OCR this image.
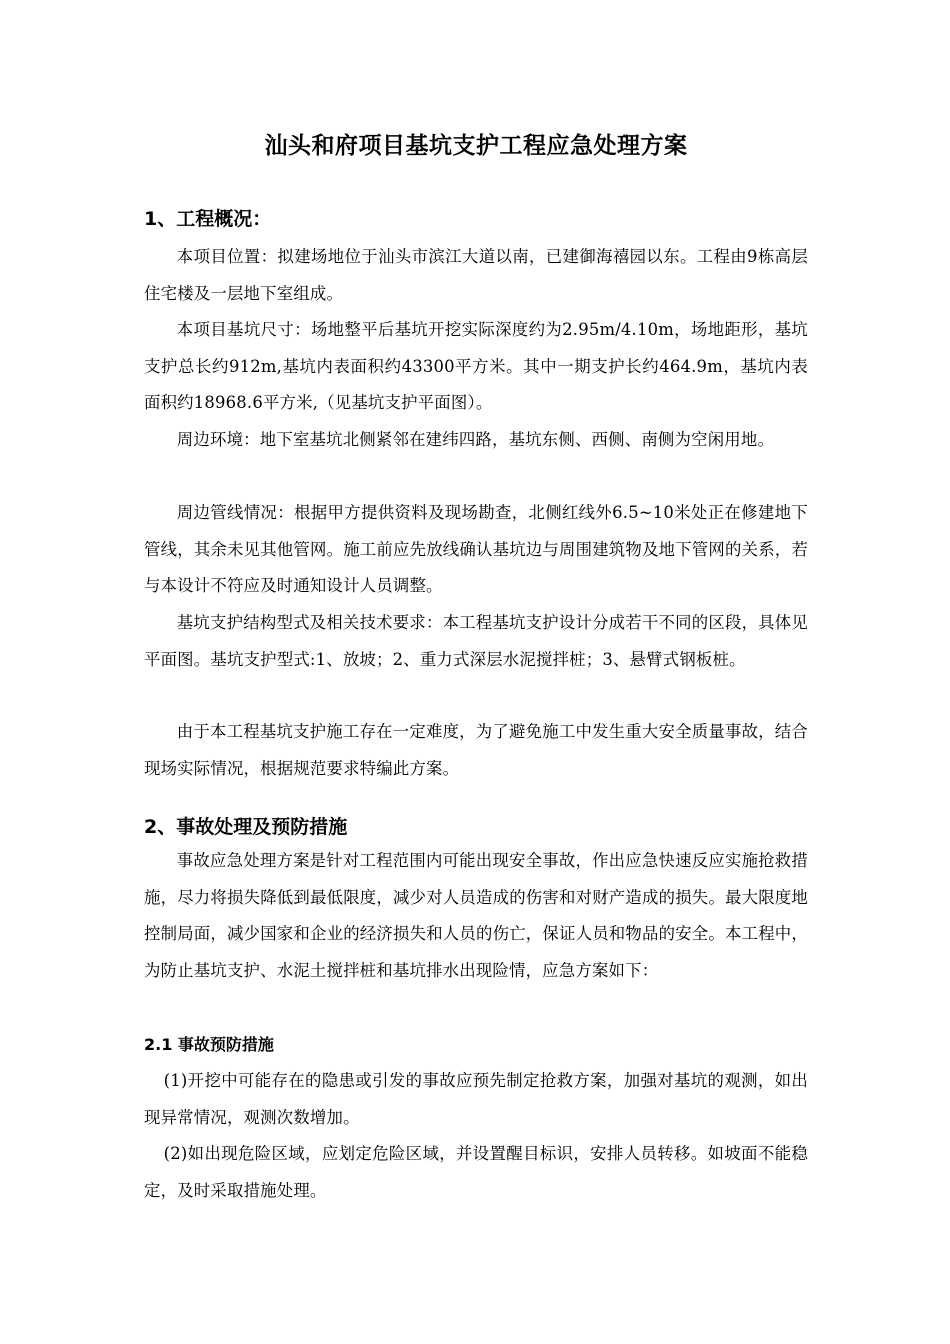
汕头和府项目基坑支护工程应急处理方案
1、工程概况：
本项目位置：拟建场地位于汕头市滨江大道以南，已建御海禧园以东。工程由9栋高层住宅楼及一层地下室组成。
本项目基坑尺寸：场地整平后基坑开挖实际深度约为2.95m/4.10m，场地距形，基坑支护总长约912m,基坑内表面积约43300平方米。其中一期支护长约464.9m，基坑内表面积约18968.6平方米,（见基坑支护平面图）。
周边环境：地下室基坑北侧紧邻在建纬四路，基坑东侧、西侧、南侧为空闲用地。
周边管线情况：根据甲方提供资料及现场勘查，北侧红线外6.5~10米处正在修建地下管线，其余未见其他管网。施工前应先放线确认基坑边与周围建筑物及地下管网的关系，若与本设计不符应及时通知设计人员调整。
基坑支护结构型式及相关技术要求：本工程基坑支护设计分成若干不同的区段，具体见平面图。基坑支护型式:1、放坡；2、重力式深层水泥搅拌桩；3、悬臂式钢板桩。
由于本工程基坑支护施工存在一定难度，为了避免施工中发生重大安全质量事故，结合现场实际情况，根据规范要求特编此方案。
2、事故处理及预防措施
事故应急处理方案是针对工程范围内可能出现安全事故，作出应急快速反应实施抢救措施，尽力将损失降低到最低限度，减少对人员造成的伤害和对财产造成的损失。最大限度地控制局面，减少国家和企业的经济损失和人员的伤亡，保证人员和物品的安全。本工程中，为防止基坑支护、水泥土搅拌桩和基坑排水出现险情，应急方案如下：
2.1 事故预防措施
(1)开挖中可能存在的隐患或引发的事故应预先制定抢救方案，加强对基坑的观测，如出现异常情况，观测次数增加。
(2)如出现危险区域，应划定危险区域，并设置醒目标识，安排人员转移。如坡面不能稳定，及时采取措施处理。
